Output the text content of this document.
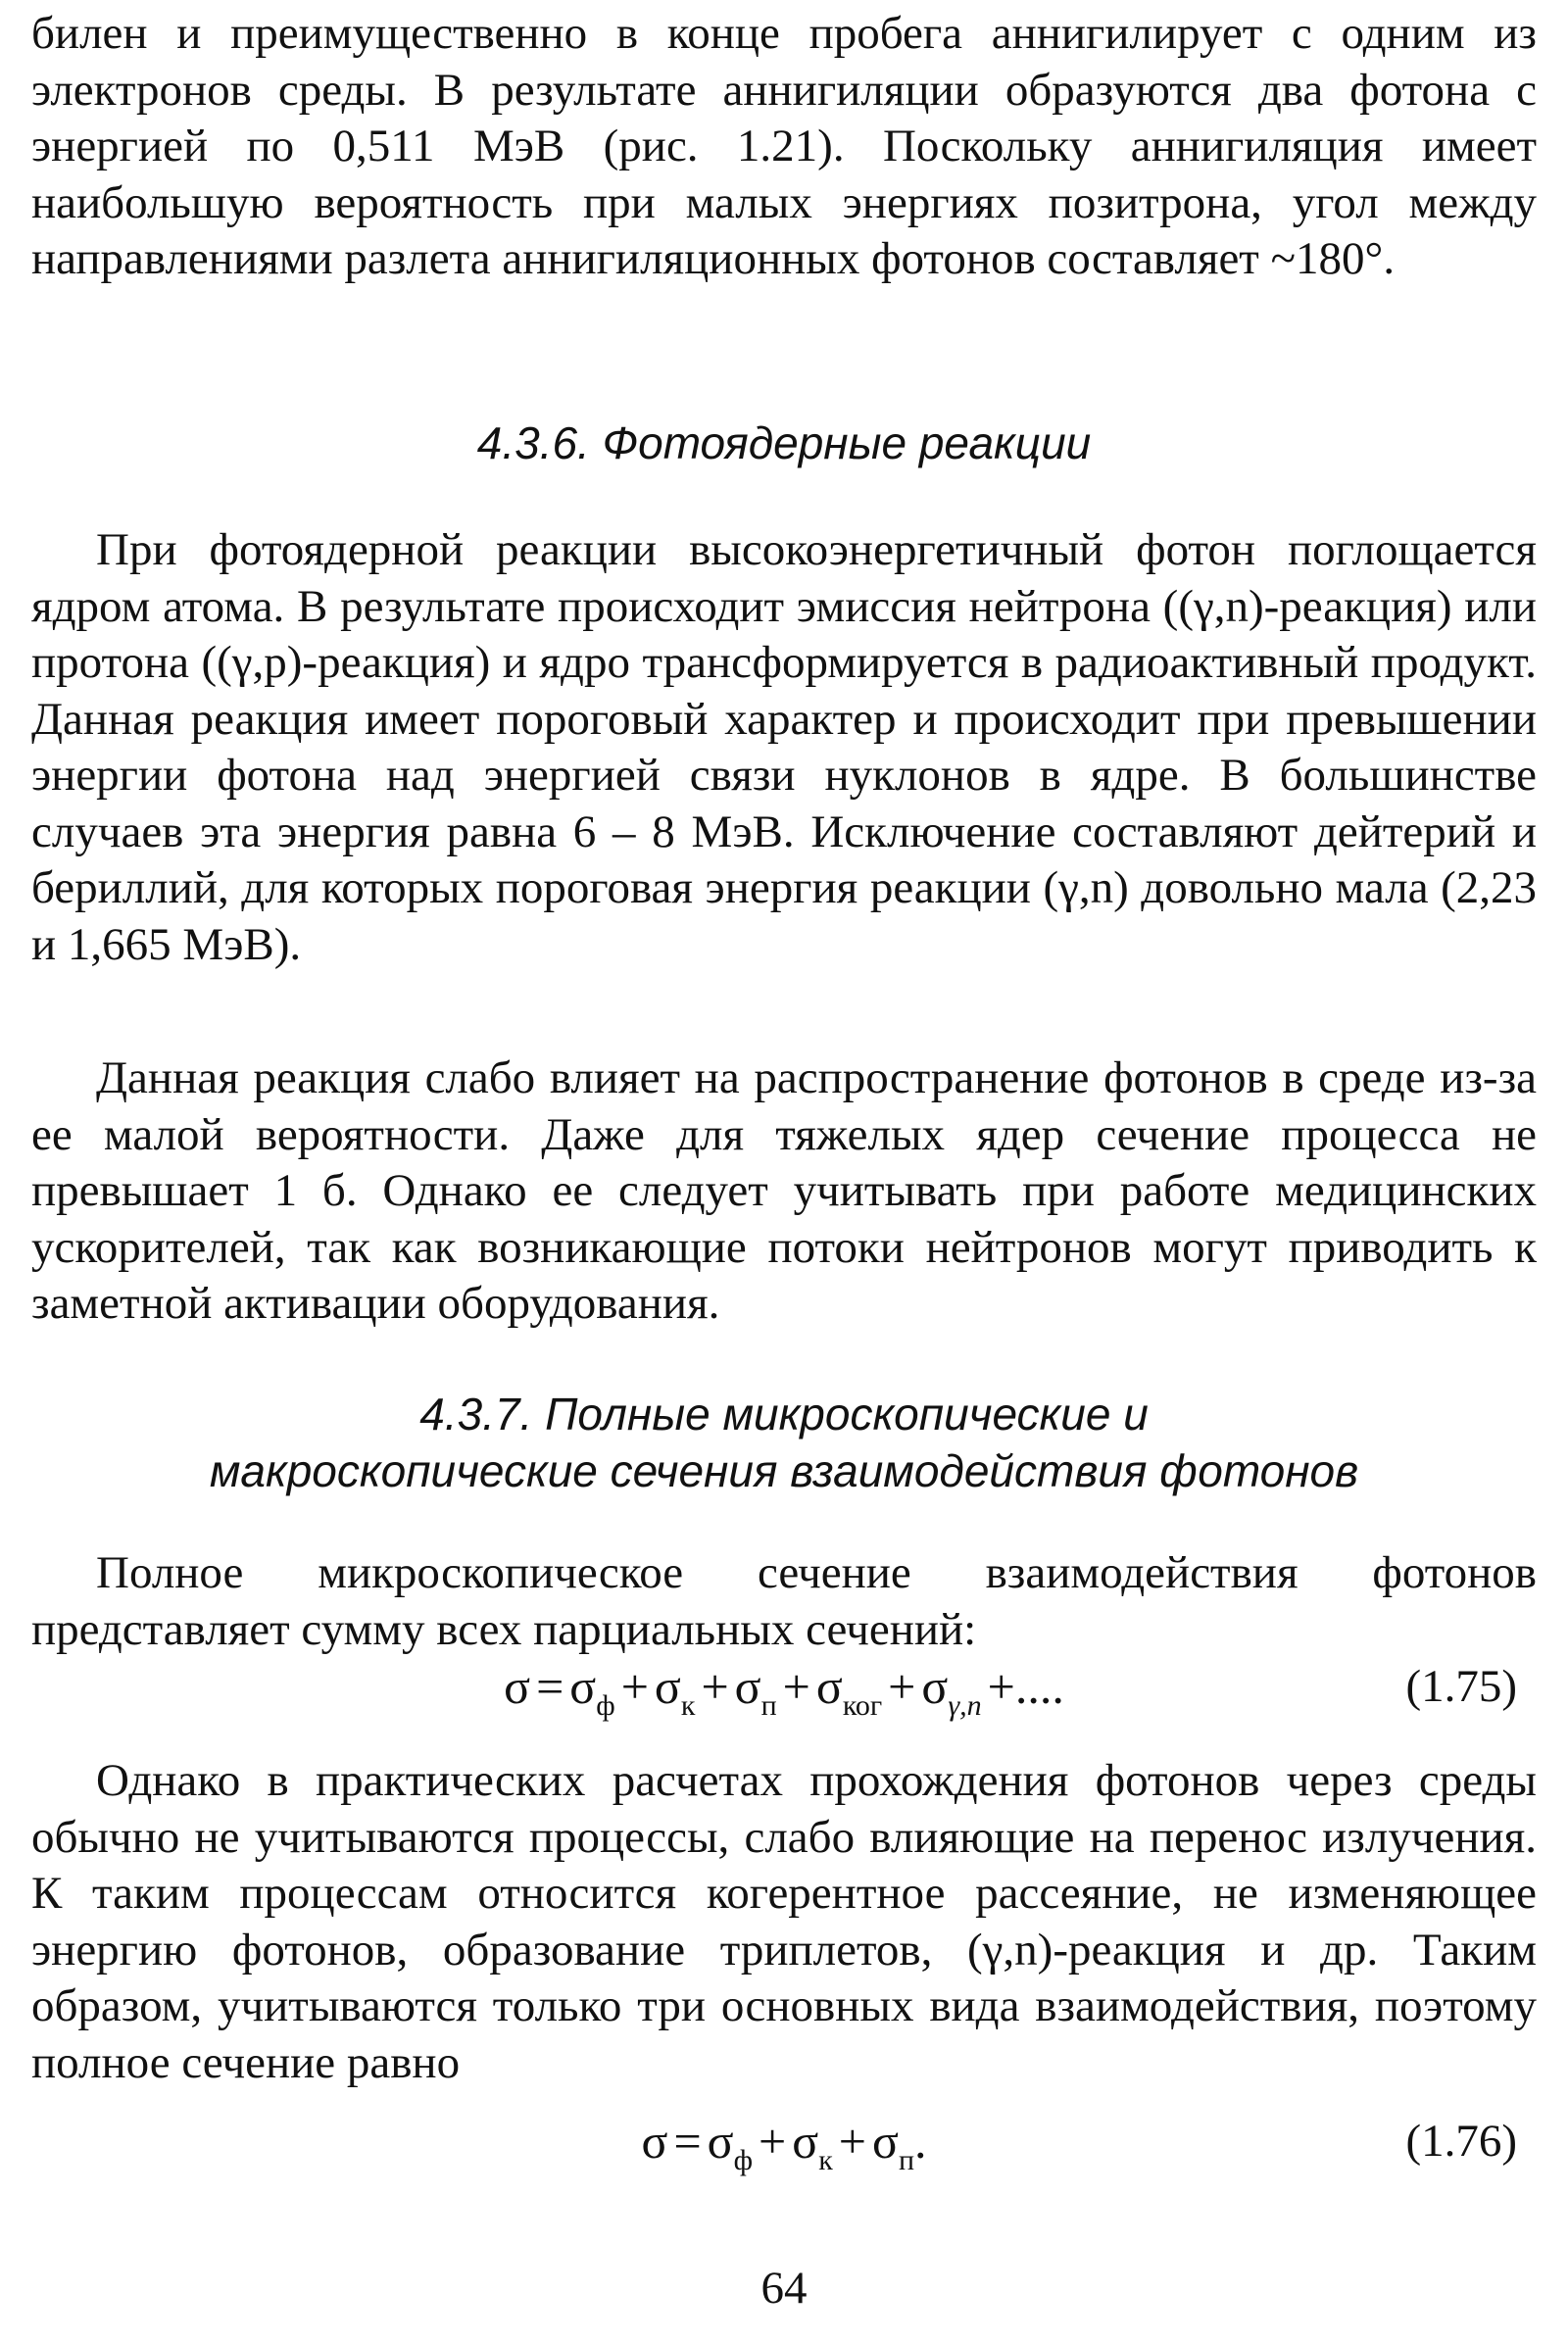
билен и преимущественно в конце пробега аннигилирует с одним из электронов среды. В результате аннигиляции образуются два фотона с энергией по 0,511 МэВ (рис. 1.21). Поскольку аннигиляция имеет наибольшую вероятность при малых энергиях позитрона, угол между направлениями разлета аннигиляционных фотонов составляет ~180°.

4.3.6. Фотоядерные реакции

При фотоядерной реакции высокоэнергетичный фотон поглощается ядром атома. В результате происходит эмиссия нейтрона ((γ,n)-реакция) или протона ((γ,p)-реакция) и ядро трансформируется в радиоактивный продукт. Данная реакция имеет пороговый характер и происходит при превышении энергии фотона над энергией связи нуклонов в ядре. В большинстве случаев эта энергия равна 6 – 8 МэВ. Исключение составляют дейтерий и бериллий, для которых пороговая энергия реакции (γ,n) довольно мала (2,23 и 1,665 МэВ).

Данная реакция слабо влияет на распространение фотонов в среде из-за ее малой вероятности. Даже для тяжелых ядер сечение процесса не превышает 1 б. Однако ее следует учитывать при работе медицинских ускорителей, так как возникающие потоки нейтронов могут приводить к заметной активации оборудования.

4.3.7. Полные микроскопические и

макроскопические сечения взаимодействия фотонов

Полное микроскопическое сечение взаимодействия фотонов представляет сумму всех парциальных сечений:

$\sigma = \sigma_ф + \sigma_к + \sigma_п + \sigma_{ког} + \sigma_{\gamma,n}$ +....	(1.75)

Однако в практических расчетах прохождения фотонов через среды обычно не учитываются процессы, слабо влияющие на перенос излучения. К таким процессам относится когерентное рассеяние, не изменяющее энергию фотонов, образование триплетов, (γ,n)-реакция и др. Таким образом, учитываются только три основных вида взаимодействия, поэтому полное сечение равно

$\sigma = \sigma_ф + \sigma_к + \sigma_п$.	(1.76)
64
